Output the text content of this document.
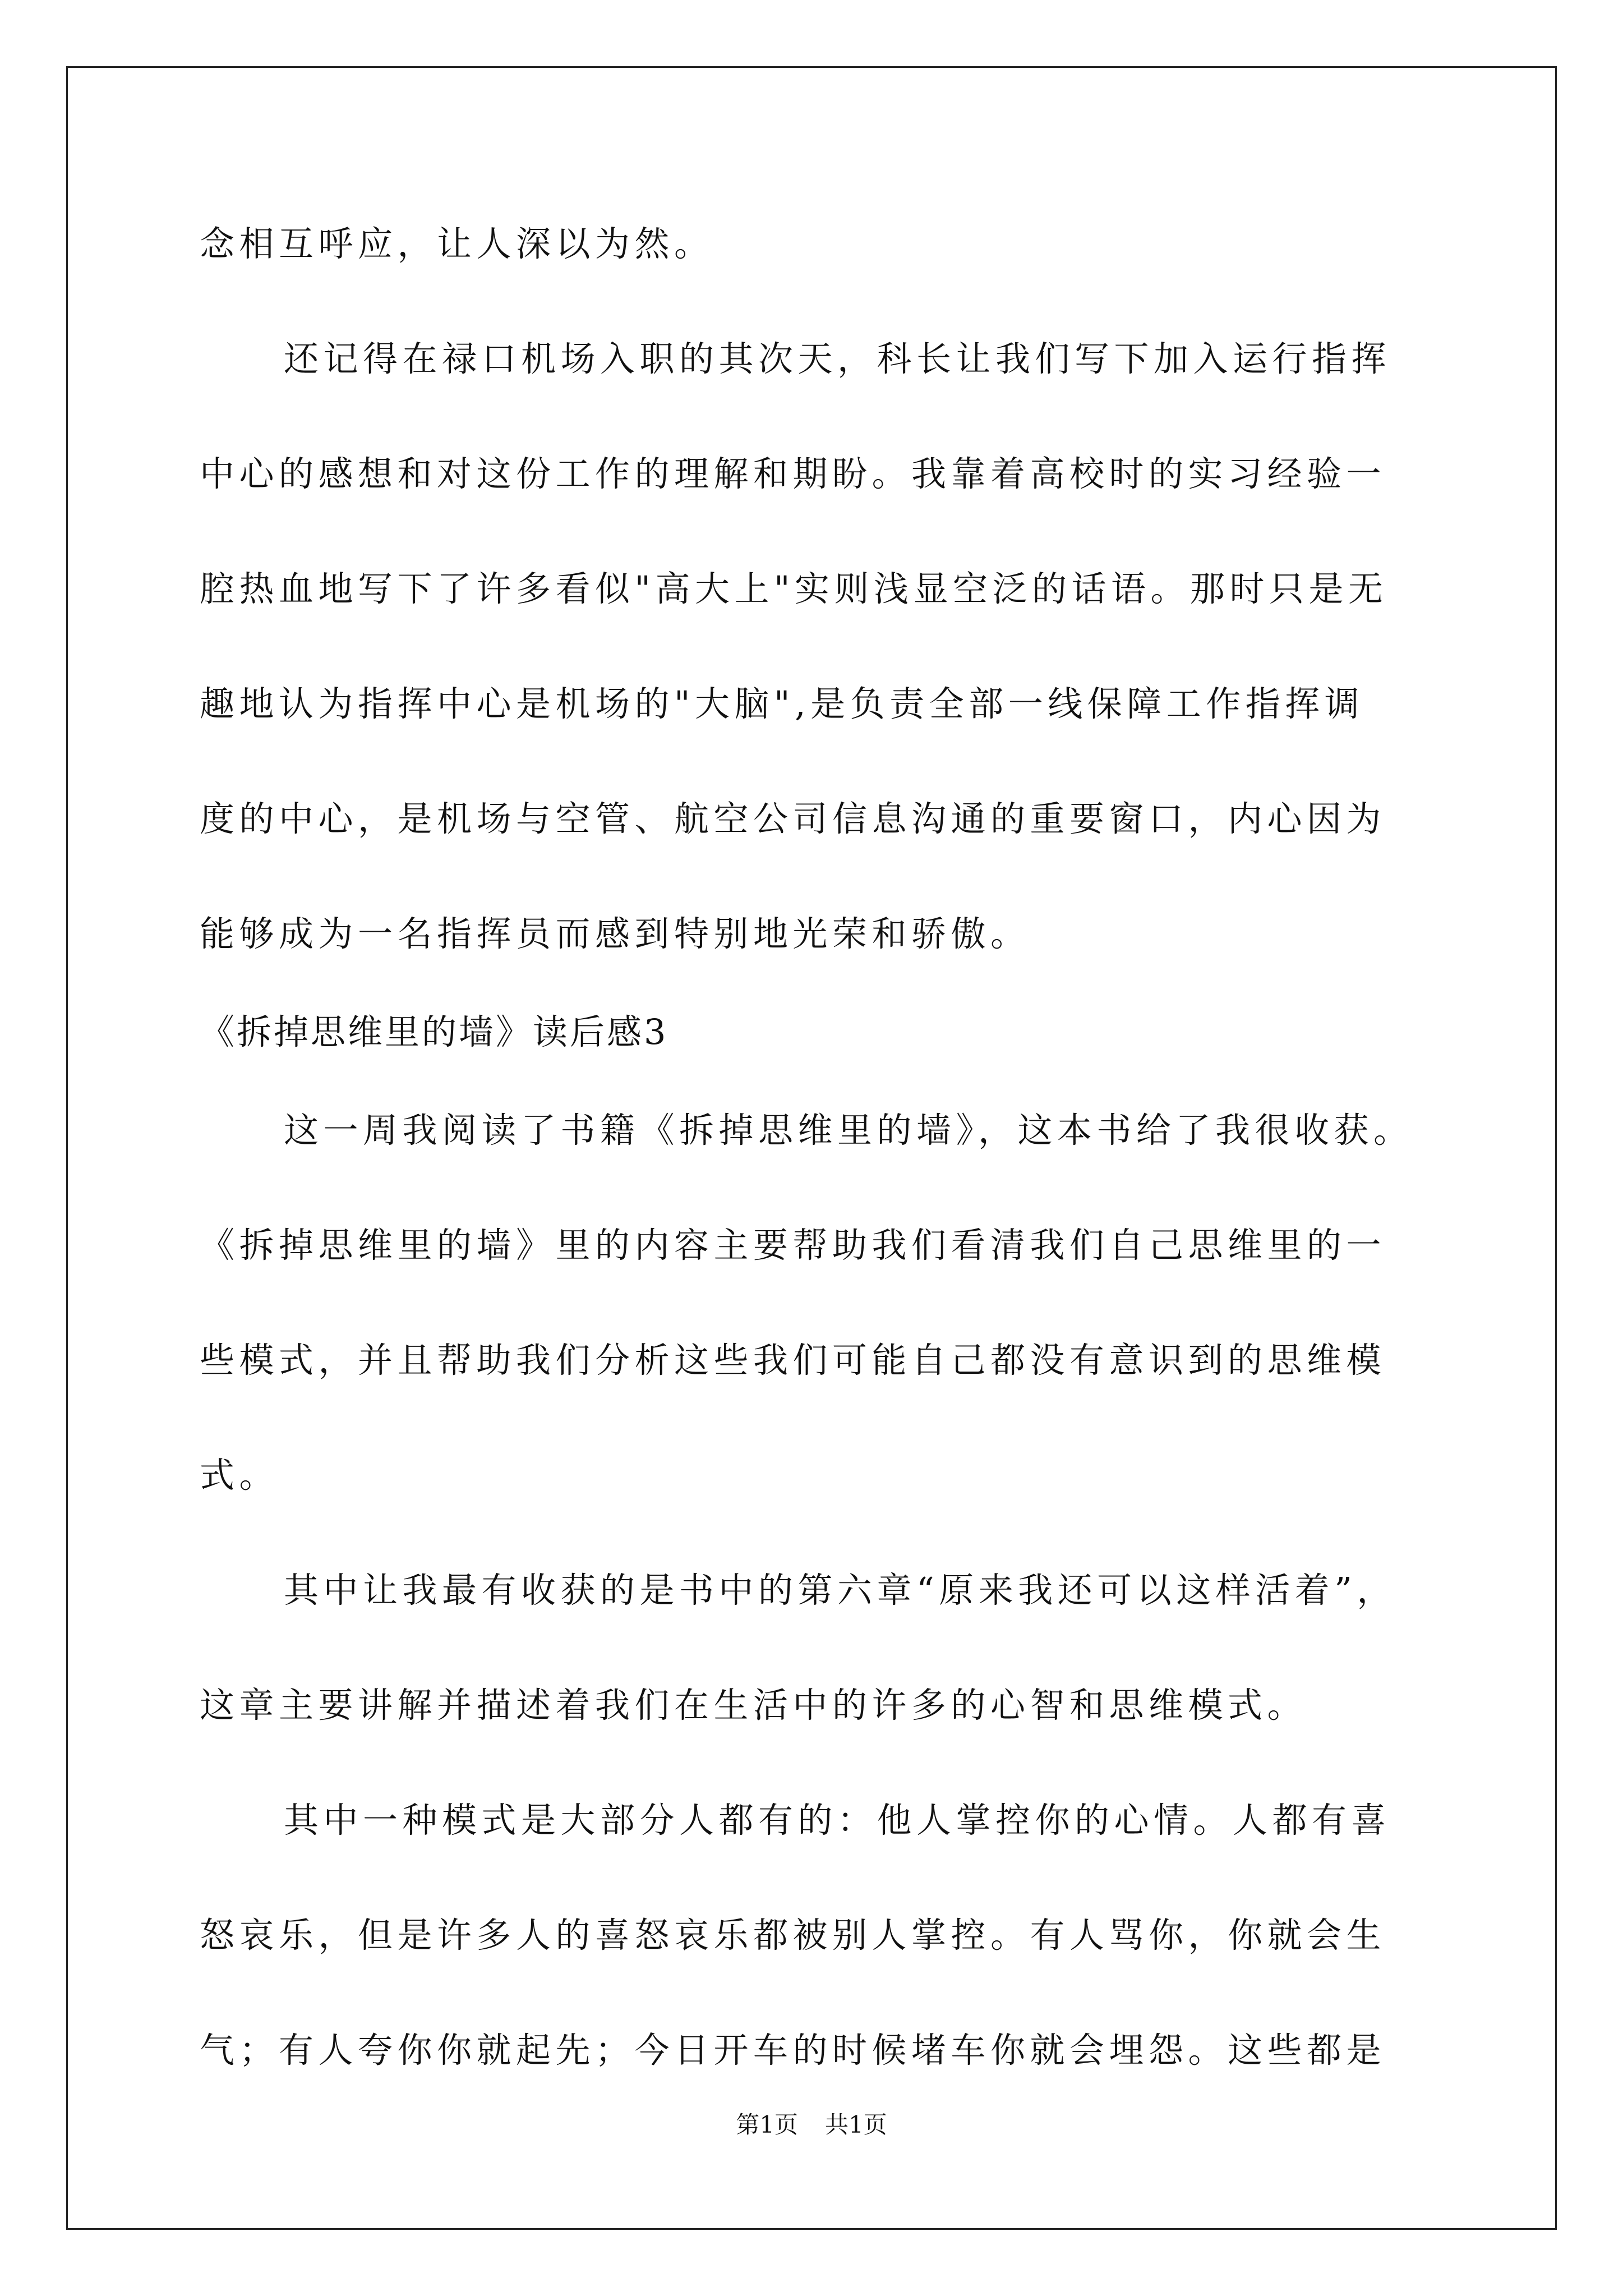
念相互呼应，让人深以为然。
还记得在禄口机场入职的其次天，科长让我们写下加入运行指挥
中心的感想和对这份工作的理解和期盼。我靠着高校时的实习经验一
腔热血地写下了许多看似"高大上"实则浅显空泛的话语。那时只是无
趣地认为指挥中心是机场的"大脑",是负责全部一线保障工作指挥调
度的中心，是机场与空管、航空公司信息沟通的重要窗口，内心因为
能够成为一名指挥员而感到特别地光荣和骄傲。
《拆掉思维里的墙》读后感3
这一周我阅读了书籍《拆掉思维里的墙》，这本书给了我很收获。
《拆掉思维里的墙》里的内容主要帮助我们看清我们自己思维里的一
些模式，并且帮助我们分析这些我们可能自己都没有意识到的思维模
式。
其中让我最有收获的是书中的第六章“原来我还可以这样活着”，
这章主要讲解并描述着我们在生活中的许多的心智和思维模式。
其中一种模式是大部分人都有的：他人掌控你的心情。人都有喜
怒哀乐，但是许多人的喜怒哀乐都被别人掌控。有人骂你，你就会生
气；有人夸你你就起先；今日开车的时候堵车你就会埋怨。这些都是
第1页 共1页
